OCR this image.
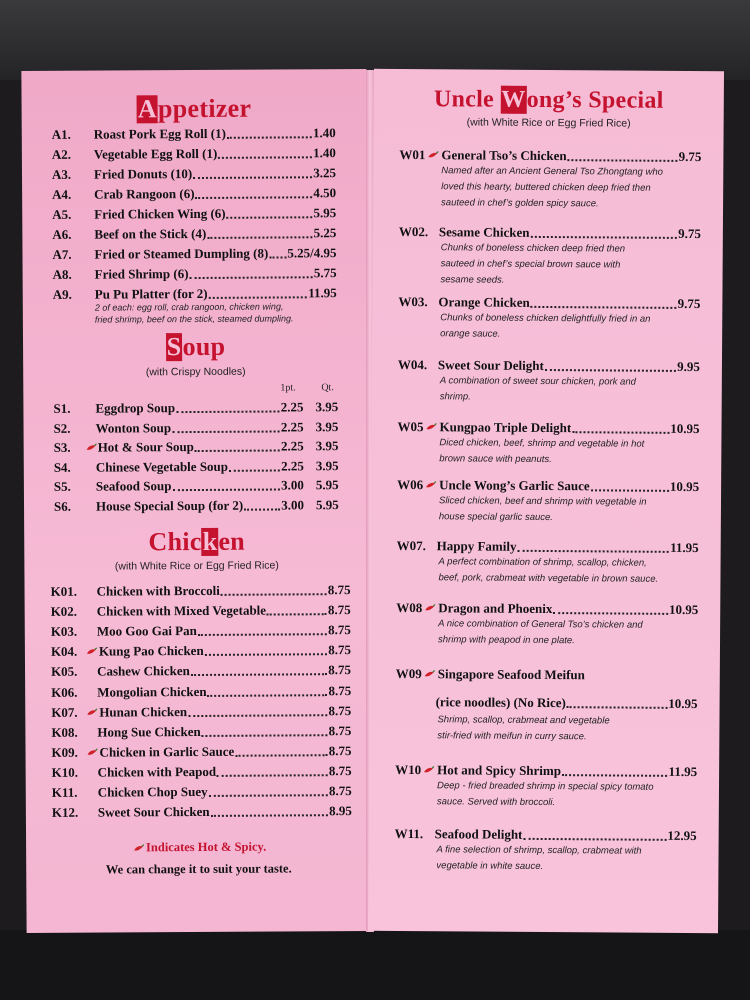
Appetizer
A1.	Roast Pork Egg Roll (1)	1.40
A2.	Vegetable Egg Roll (1)	1.40
A3.	Fried Donuts (10)	3.25
A4.	Crab Rangoon (6)	4.50
A5.	Fried Chicken Wing (6)	5.95
A6.	Beef on the Stick (4)	5.25
A7.	Fried or Steamed Dumpling (8) 5.25/4.95
A8.	Fried Shrimp (6)	5.75
A9.	Pu Pu Platter (for 2)	11.95
2 of each: egg roll, crab rangoon, chicken wing,
fried shrimp, beef on the stick, steamed dumpling.
Soup
(with Crispy Noodles)
1pt.	Qt.
S1.	Eggdrop Soup	2.25 3.95
S2.	Wonton Soup	2.25 3.95
S3.	Hot & Sour Soup	2.25 3.95
S4.	Chinese Vegetable Soup	2.25 3.95
S5.	Seafood Soup	3.00 5.95
S6.	House Special Soup (for 2)	3.00 5.95
Chicken
(with White Rice or Egg Fried Rice)
K01.	Chicken with Broccoli	8.75
K02.	Chicken with Mixed Vegetable	8.75
K03.	Moo Goo Gai Pan	8.75
K04.	Kung Pao Chicken	8.75
K05.	Cashew Chicken	8.75
K06.	Mongolian Chicken	8.75
K07.	Hunan Chicken	8.75
K08.	Hong Sue Chicken	8.75
K09.	Chicken in Garlic Sauce	8.75
K10.	Chicken with Peapod	8.75
K11.	Chicken Chop Suey	8.75
K12.	Sweet Sour Chicken	8.95
Indicates Hot & Spicy.
We can change it to suit your taste.
Uncle Wong’s Special
(with White Rice or Egg Fried Rice)
W01 General Tso’s Chicken	9.75
Named after an Ancient General Tso Zhongtang who
loved this hearty, buttered chicken deep fried then
sauteed in chef’s golden spicy sauce.
W02. Sesame Chicken	9.75
Chunks of boneless chicken deep fried then
sauteed in chef’s special brown sauce with
sesame seeds.
W03. Orange Chicken	9.75
Chunks of boneless chicken delightfully fried in an
orange sauce.
W04. Sweet Sour Delight	9.95
A combination of sweet sour chicken, pork and
shrimp.
W05 Kungpao Triple Delight	10.95
Diced chicken, beef, shrimp and vegetable in hot
brown sauce with peanuts.
W06 Uncle Wong’s Garlic Sauce	10.95
Sliced chicken, beef and shrimp with vegetable in
house special garlic sauce.
W07. Happy Family	11.95
A perfect combination of shrimp, scallop, chicken,
beef, pork, crabmeat with vegetable in brown sauce.
W08 Dragon and Phoenix	10.95
A nice combination of General Tso’s chicken and
shrimp with peapod in one plate.
W09 Singapore Seafood Meifun
(rice noodles) (No Rice)	10.95
Shrimp, scallop, crabmeat and vegetable
stir-fried with meifun in curry sauce.
W10 Hot and Spicy Shrimp	11.95
Deep - fried breaded shrimp in special spicy tomato
sauce. Served with broccoli.
W11. Seafood Delight	12.95
A fine selection of shrimp, scallop, crabmeat with
vegetable in white sauce.
